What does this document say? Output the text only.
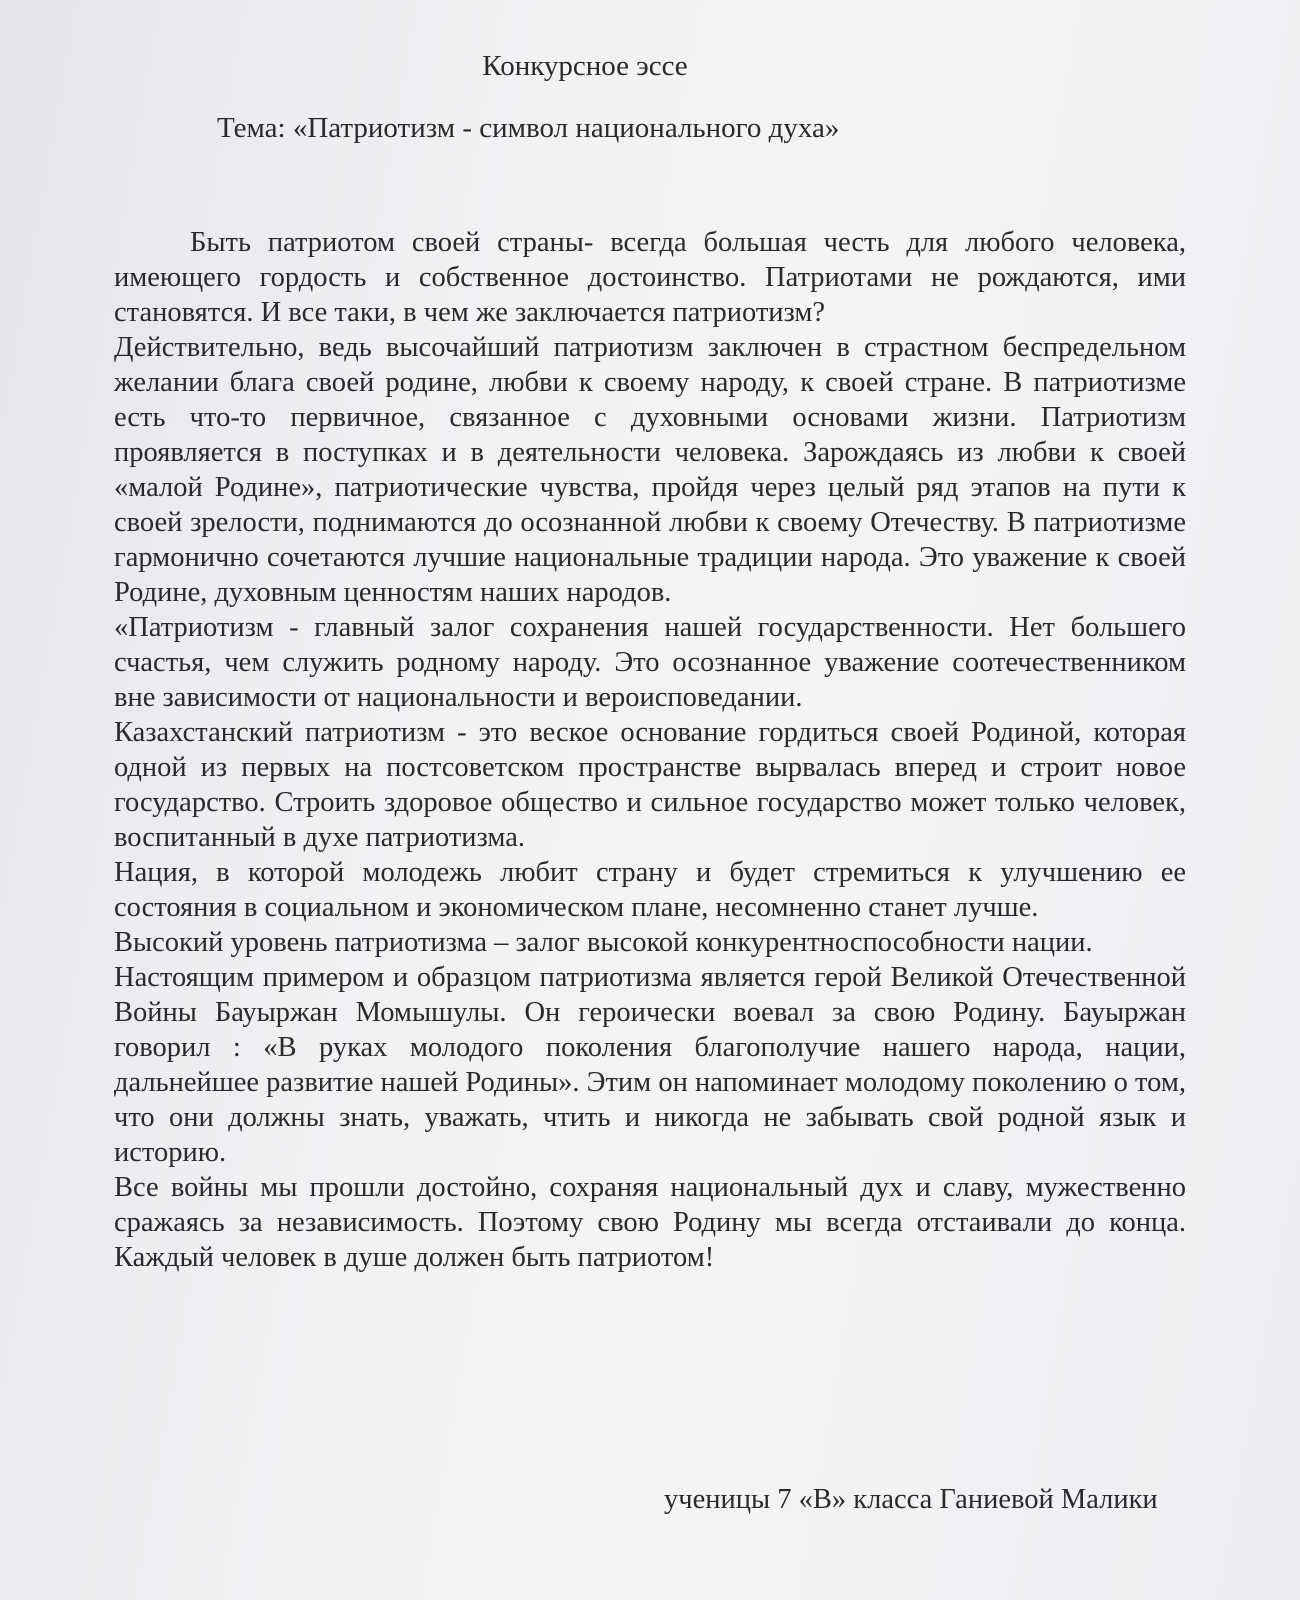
Конкурсное эссе
Тема: «Патриотизм - символ национального духа»

Быть патриотом своей страны- всегда большая честь для любого человека, имеющего гордость и собственное достоинство. Патриотами не рождаются, ими становятся. И все таки, в чем же заключается патриотизм?

Действительно, ведь высочайший патриотизм заключен в страстном беспредельном желании блага своей родине, любви к своему народу, к своей стране. В патриотизме есть что-то первичное, связанное с духовными основами жизни. Патриотизм проявляется в поступках и в деятельности человека. Зарождаясь из любви к своей «малой Родине», патриотические чувства, пройдя через целый ряд этапов на пути к своей зрелости, поднимаются до осознанной любви к своему Отечеству. В патриотизме гармонично сочетаются лучшие национальные традиции народа. Это уважение к своей Родине, духовным ценностям наших народов.

«Патриотизм - главный залог сохранения нашей государственности. Нет большего счастья, чем служить родному народу. Это осознанное уважение соотечественником вне зависимости от национальности и вероисповедании.

Казахстанский патриотизм - это веское основание гордиться своей Родиной, которая одной из первых на постсоветском пространстве вырвалась вперед и строит новое государство. Строить здоровое общество и сильное государство может только человек, воспитанный в духе патриотизма.

Нация, в которой молодежь любит страну и будет стремиться к улучшению ее состояния в социальном и экономическом плане, несомненно станет лучше.

Высокий уровень патриотизма – залог высокой конкурентноспособности нации.

Настоящим примером и образцом патриотизма является герой Великой Отечественной Войны Бауыржан Момышулы. Он героически воевал за свою Родину. Бауыржан говорил : «В руках молодого поколения благополучие нашего народа, нации, дальнейшее развитие нашей Родины». Этим он напоминает молодому поколению о том, что они должны знать, уважать, чтить и никогда не забывать свой родной язык и историю.

Все войны мы прошли достойно, сохраняя национальный дух и славу, мужественно сражаясь за независимость. Поэтому свою Родину мы всегда отстаивали до конца. Каждый человек в душе должен быть патриотом!

ученицы 7 «В» класса Ганиевой Малики
